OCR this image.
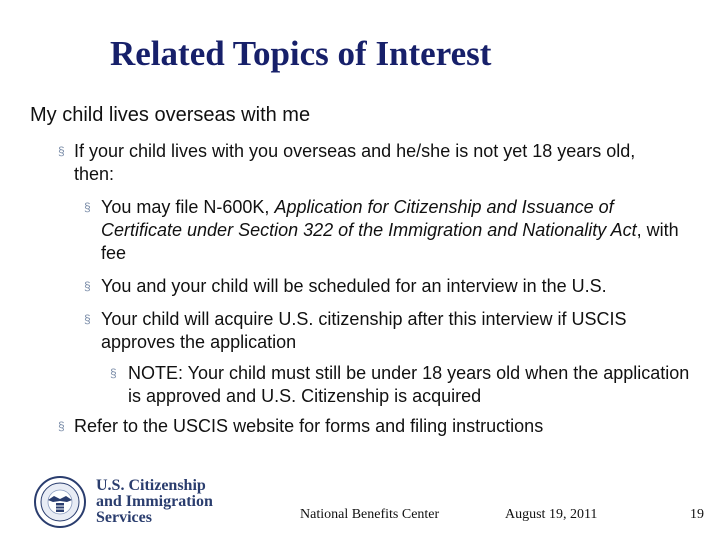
Related Topics of Interest
My child lives overseas with me
§ If your child lives with you overseas and he/she is not yet 18 years old, then:
§ You may file N-600K, Application for Citizenship and Issuance of Certificate under Section 322 of the Immigration and Nationality Act, with fee
§ You and your child will be scheduled for an interview in the U.S.
§ Your child will acquire U.S. citizenship after this interview if USCIS approves the application
§ NOTE: Your child must still be under 18 years old when the application is approved and U.S. Citizenship is acquired
§ Refer to the USCIS website for forms and filing instructions
U.S. Citizenship
and Immigration
Services	National Benefits Center	August 19, 2011	19
